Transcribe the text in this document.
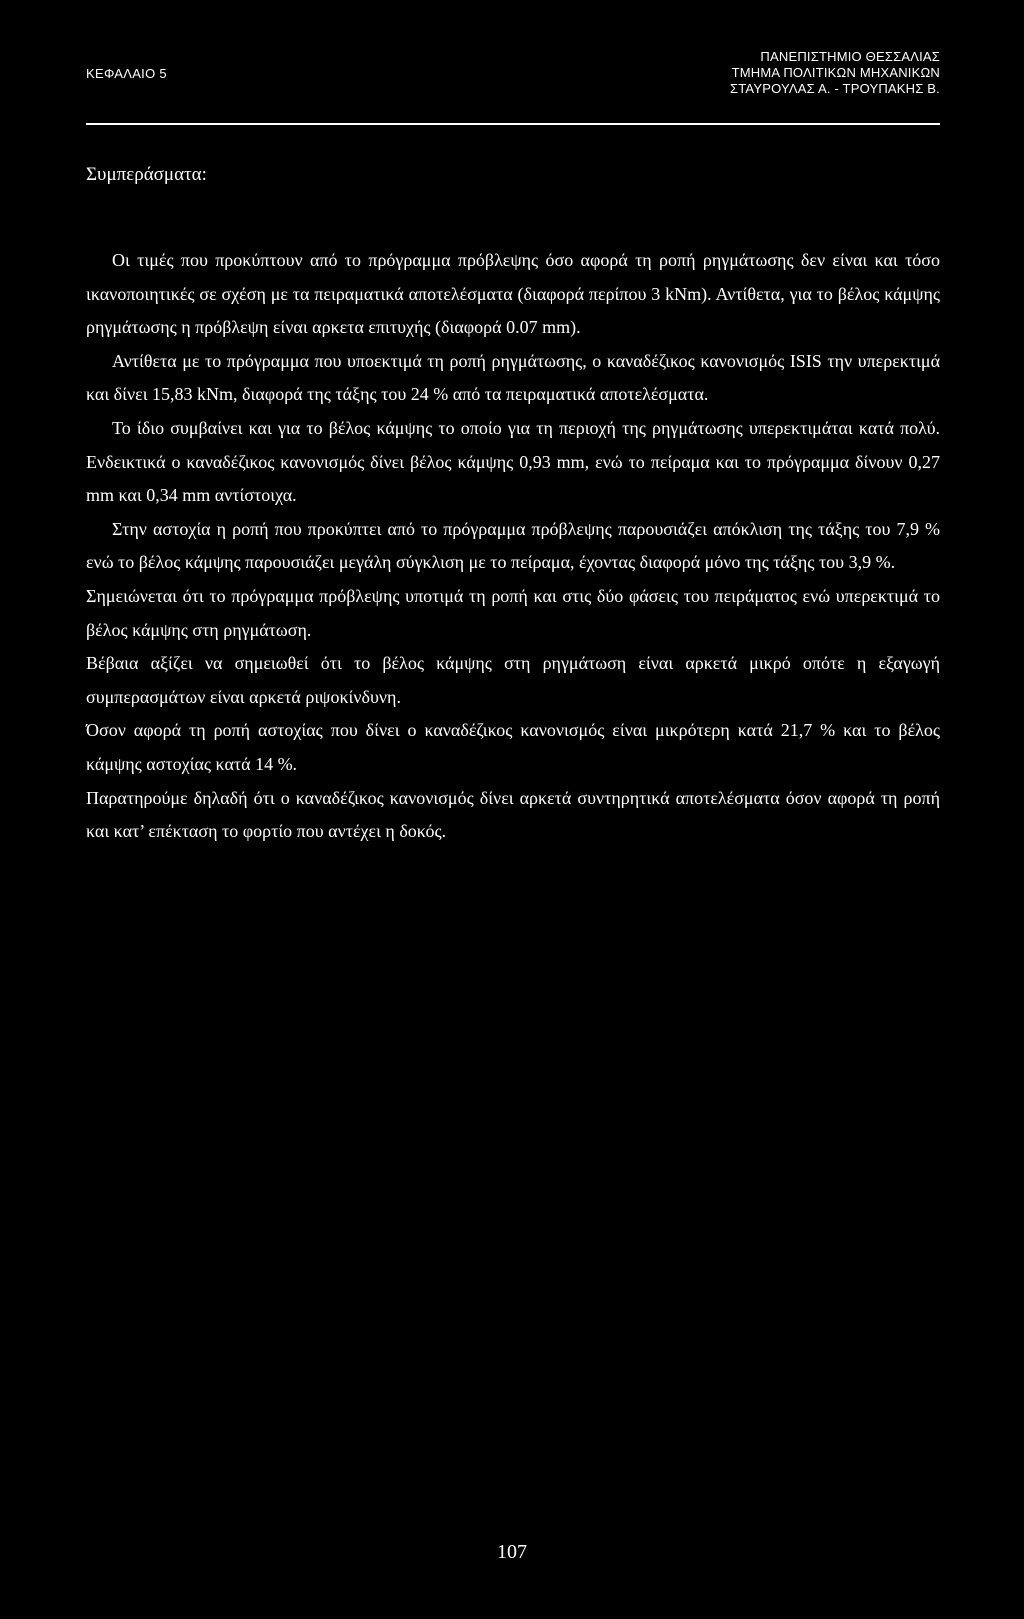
ΚΕΦΑΛΑΙΟ 5
ΠΑΝΕΠΙΣΤΗΜΙΟ ΘΕΣΣΑΛΙΑΣ
ΤΜΗΜΑ ΠΟΛΙΤΙΚΩΝ ΜΗΧΑΝΙΚΩΝ
ΣΤΑΥΡΟΥΛΑΣ Α. - ΤΡΟΥΠΑΚΗΣ Β.
Συμπεράσματα:

Οι τιμές που προκύπτουν από το πρόγραμμα πρόβλεψης όσο αφορά τη ροπή ρηγμάτωσης δεν είναι και τόσο ικανοποιητικές σε σχέση με τα πειραματικά αποτελέσματα (διαφορά περίπου 3 kNm). Αντίθετα, για το βέλος κάμψης ρηγμάτωσης η πρόβλεψη είναι αρκετα επιτυχής (διαφορά 0.07 mm).

Αντίθετα με το πρόγραμμα που υποεκτιμά τη ροπή ρηγμάτωσης, ο καναδέζικος κανονισμός ISIS την υπερεκτιμά και δίνει 15,83 kNm, διαφορά της τάξης του 24 % από τα πειραματικά αποτελέσματα.

Το ίδιο συμβαίνει και για το βέλος κάμψης το οποίο για τη περιοχή της ρηγμάτωσης υπερεκτιμάται κατά πολύ. Ενδεικτικά ο καναδέζικος κανονισμός δίνει βέλος κάμψης 0,93 mm, ενώ το πείραμα και το πρόγραμμα δίνουν 0,27 mm και 0,34 mm αντίστοιχα.

Στην αστοχία η ροπή που προκύπτει από το πρόγραμμα πρόβλεψης παρουσιάζει απόκλιση της τάξης του 7,9 % ενώ το βέλος κάμψης παρουσιάζει μεγάλη σύγκλιση με το πείραμα, έχοντας διαφορά μόνο της τάξης του 3,9 %.

Σημειώνεται ότι το πρόγραμμα πρόβλεψης υποτιμά τη ροπή και στις δύο φάσεις του πειράματος ενώ υπερεκτιμά το βέλος κάμψης στη ρηγμάτωση.

Βέβαια αξίζει να σημειωθεί ότι το βέλος κάμψης στη ρηγμάτωση είναι αρκετά μικρό οπότε η εξαγωγή συμπερασμάτων είναι αρκετά ριψοκίνδυνη.

Όσον αφορά τη ροπή αστοχίας που δίνει ο καναδέζικος κανονισμός είναι μικρότερη κατά 21,7 % και το βέλος κάμψης αστοχίας κατά 14 %.

Παρατηρούμε δηλαδή ότι ο καναδέζικος κανονισμός δίνει αρκετά συντηρητικά αποτελέσματα όσον αφορά τη ροπή και κατ’ επέκταση το φορτίο που αντέχει η δοκός.

107
